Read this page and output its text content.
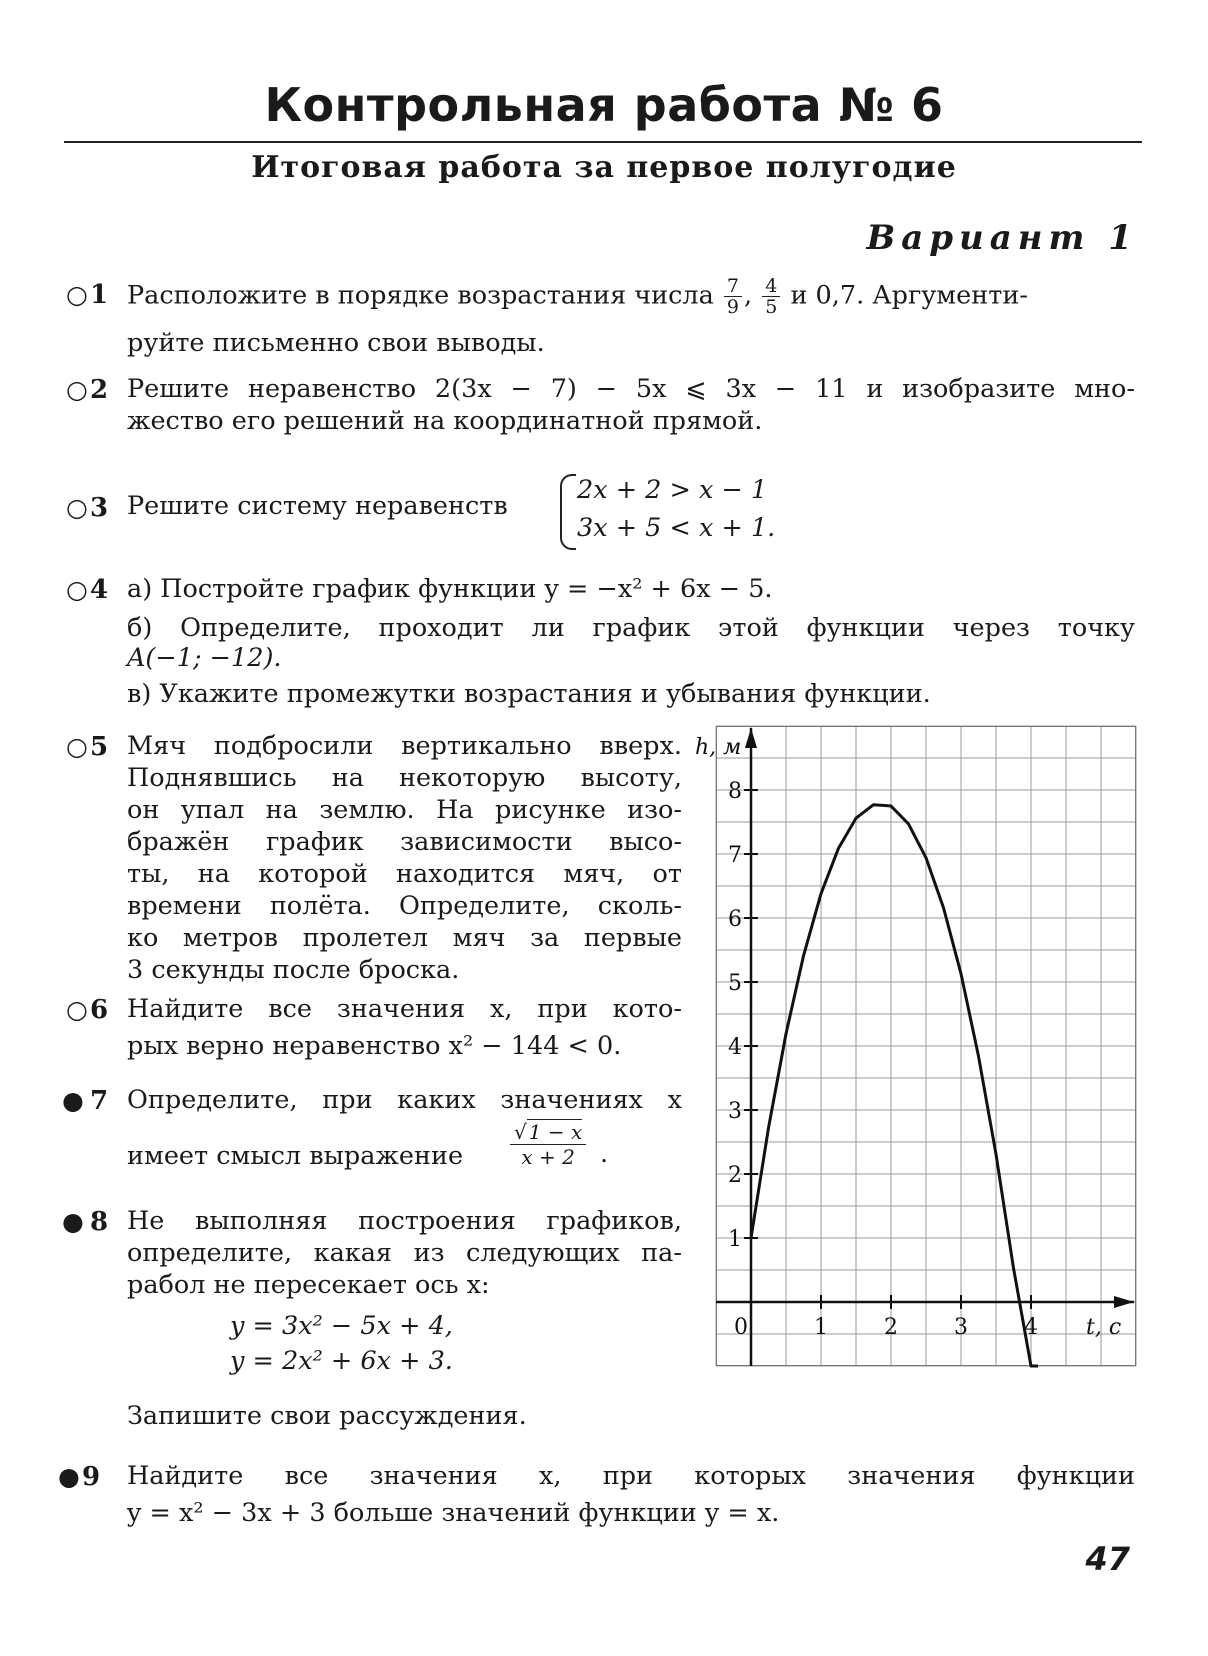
Контрольная работа № 6
Итоговая работа за первое полугодие
Вариант 1
○ 1 Расположите в порядке возрастания числа $\frac{7}{9}$ , $\frac{4}{5}$ и 0,7. Аргументи-
руйте письменно свои выводы.
○ 2 Решите неравенство 2(3x − 7) − 5x ⩽ 3x − 11 и изобразите мно-
жество его решений на координатной прямой.
○ 3 Решите систему неравенств
2x + 2 > x − 1
3x + 5 < x + 1.
○ 4 а) Постройте график функции y = −x² + 6x − 5.
б) Определите, проходит ли график этой функции через точку
A(−1; −12).
в) Укажите промежутки возрастания и убывания функции.
○ 5 Мяч подбросили вертикально вверх.
Поднявшись на некоторую высоту,
он упал на землю. На рисунке изо-
бражён график зависимости высо-
ты, на которой находится мяч, от
времени полёта. Определите, сколь-
ко метров пролетел мяч за первые
3 секунды после броска.
○ 6 Найдите все значения x, при кото-
рых верно неравенство x² − 144 < 0.
● 7 Определите, при каких значениях x
имеет смысл выражение
√ 1 − x
x + 2 .
● 8 Не выполняя построения графиков,
определите, какая из следующих па-
рабол не пересекает ось x:
y = 3x² − 5x + 4,
y = 2x² + 6x + 3.
Запишите свои рассуждения.
● 9 Найдите все значения x, при которых значения функции
y = x² − 3x + 3 больше значений функции y = x.
1
2
3
4
5
6
7
8
0	1	2	3	4
h, м
t, с
47
